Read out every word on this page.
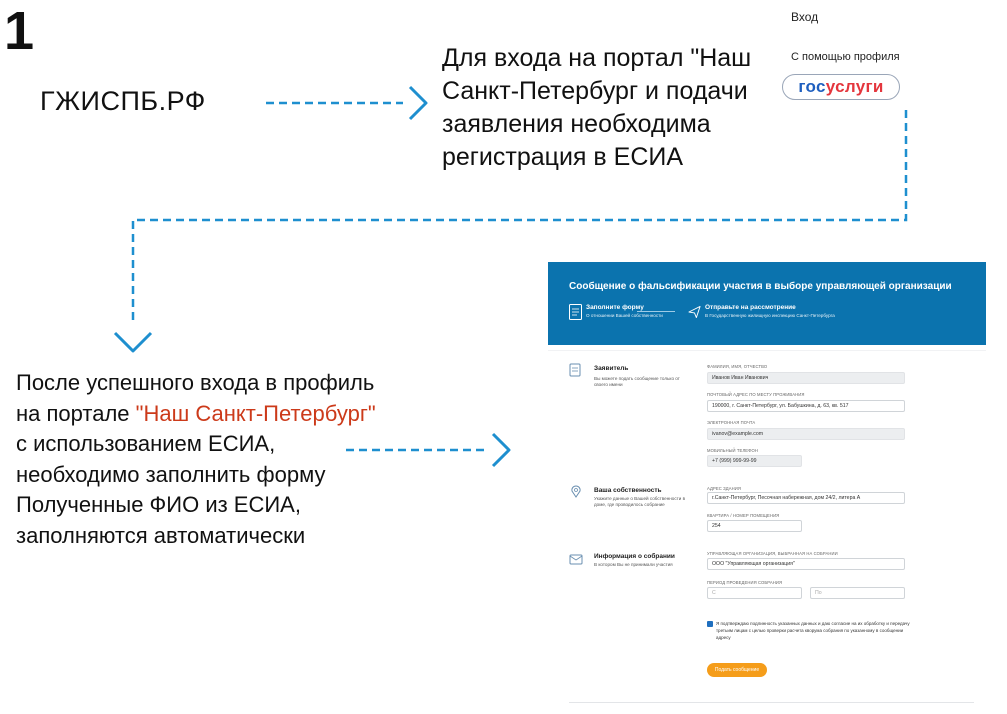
1
ГЖИСПБ.РФ
Для входа на портал "Наш
Санкт-Петербург и подачи
заявления необходима
регистрация в ЕСИА
Вход
С помощью профиля
гос услуги
После успешного входа в профиль
на портале "Наш Санкт-Петербург"
с использованием ЕСИА,
необходимо заполнить форму
Полученные ФИО из ЕСИА,
заполняются автоматически
Сообщение о фальсификации участия в выборе управляющей организации
Заполните форму
О отношении Вашей собственности
Отправьте на рассмотрение
В Государственную жилищную инспекцию Санкт-Петербурга
Заявитель
Вы можете подать сообщение только от своего имени
ФАМИЛИЯ, ИМЯ, ОТЧЕСТВО
Иванов Иван Иванович
ПОЧТОВЫЙ АДРЕС ПО МЕСТУ ПРОЖИВАНИЯ
190000, г. Санкт-Петербург, ул. Бабушкина, д. 63, кв. 517
ЭЛЕКТРОННАЯ ПОЧТА
ivanov@example.com
МОБИЛЬНЫЙ ТЕЛЕФОН
+7 (999) 999-99-99
Ваша собственность
Укажите данные о Вашей собственности в доме, где проводилось собрание
АДРЕС ЗДАНИЯ
г.Санкт-Петербург, Песочная набережная, дом 24/2, литера А
КВАРТИРА / НОМЕР ПОМЕЩЕНИЯ
254
Информация о собрании
В котором Вы не принимали участия
УПРАВЛЯЮЩАЯ ОРГАНИЗАЦИЯ, ВЫБРАННАЯ НА СОБРАНИИ
ООО "Управляющая организация"
ПЕРИОД ПРОВЕДЕНИЯ СОБРАНИЯ
С	По
Я подтверждаю подлинность указанных данных и даю согласие на их обработку и передачу третьим лицам с целью проверки расчета кворума собрания по указанному в сообщении адресу
Подать сообщение
